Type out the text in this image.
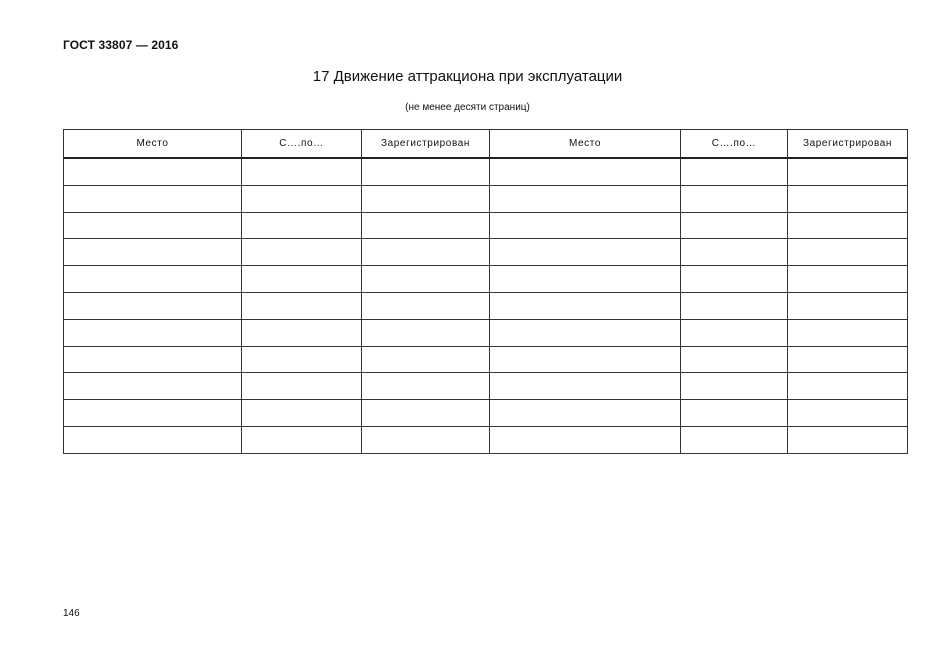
ГОСТ 33807 — 2016
17 Движение аттракциона при эксплуатации
(не менее десяти страниц)
Место	С….по…	Зарегистрирован	Место	С….по…	Зарегистрирован

146
